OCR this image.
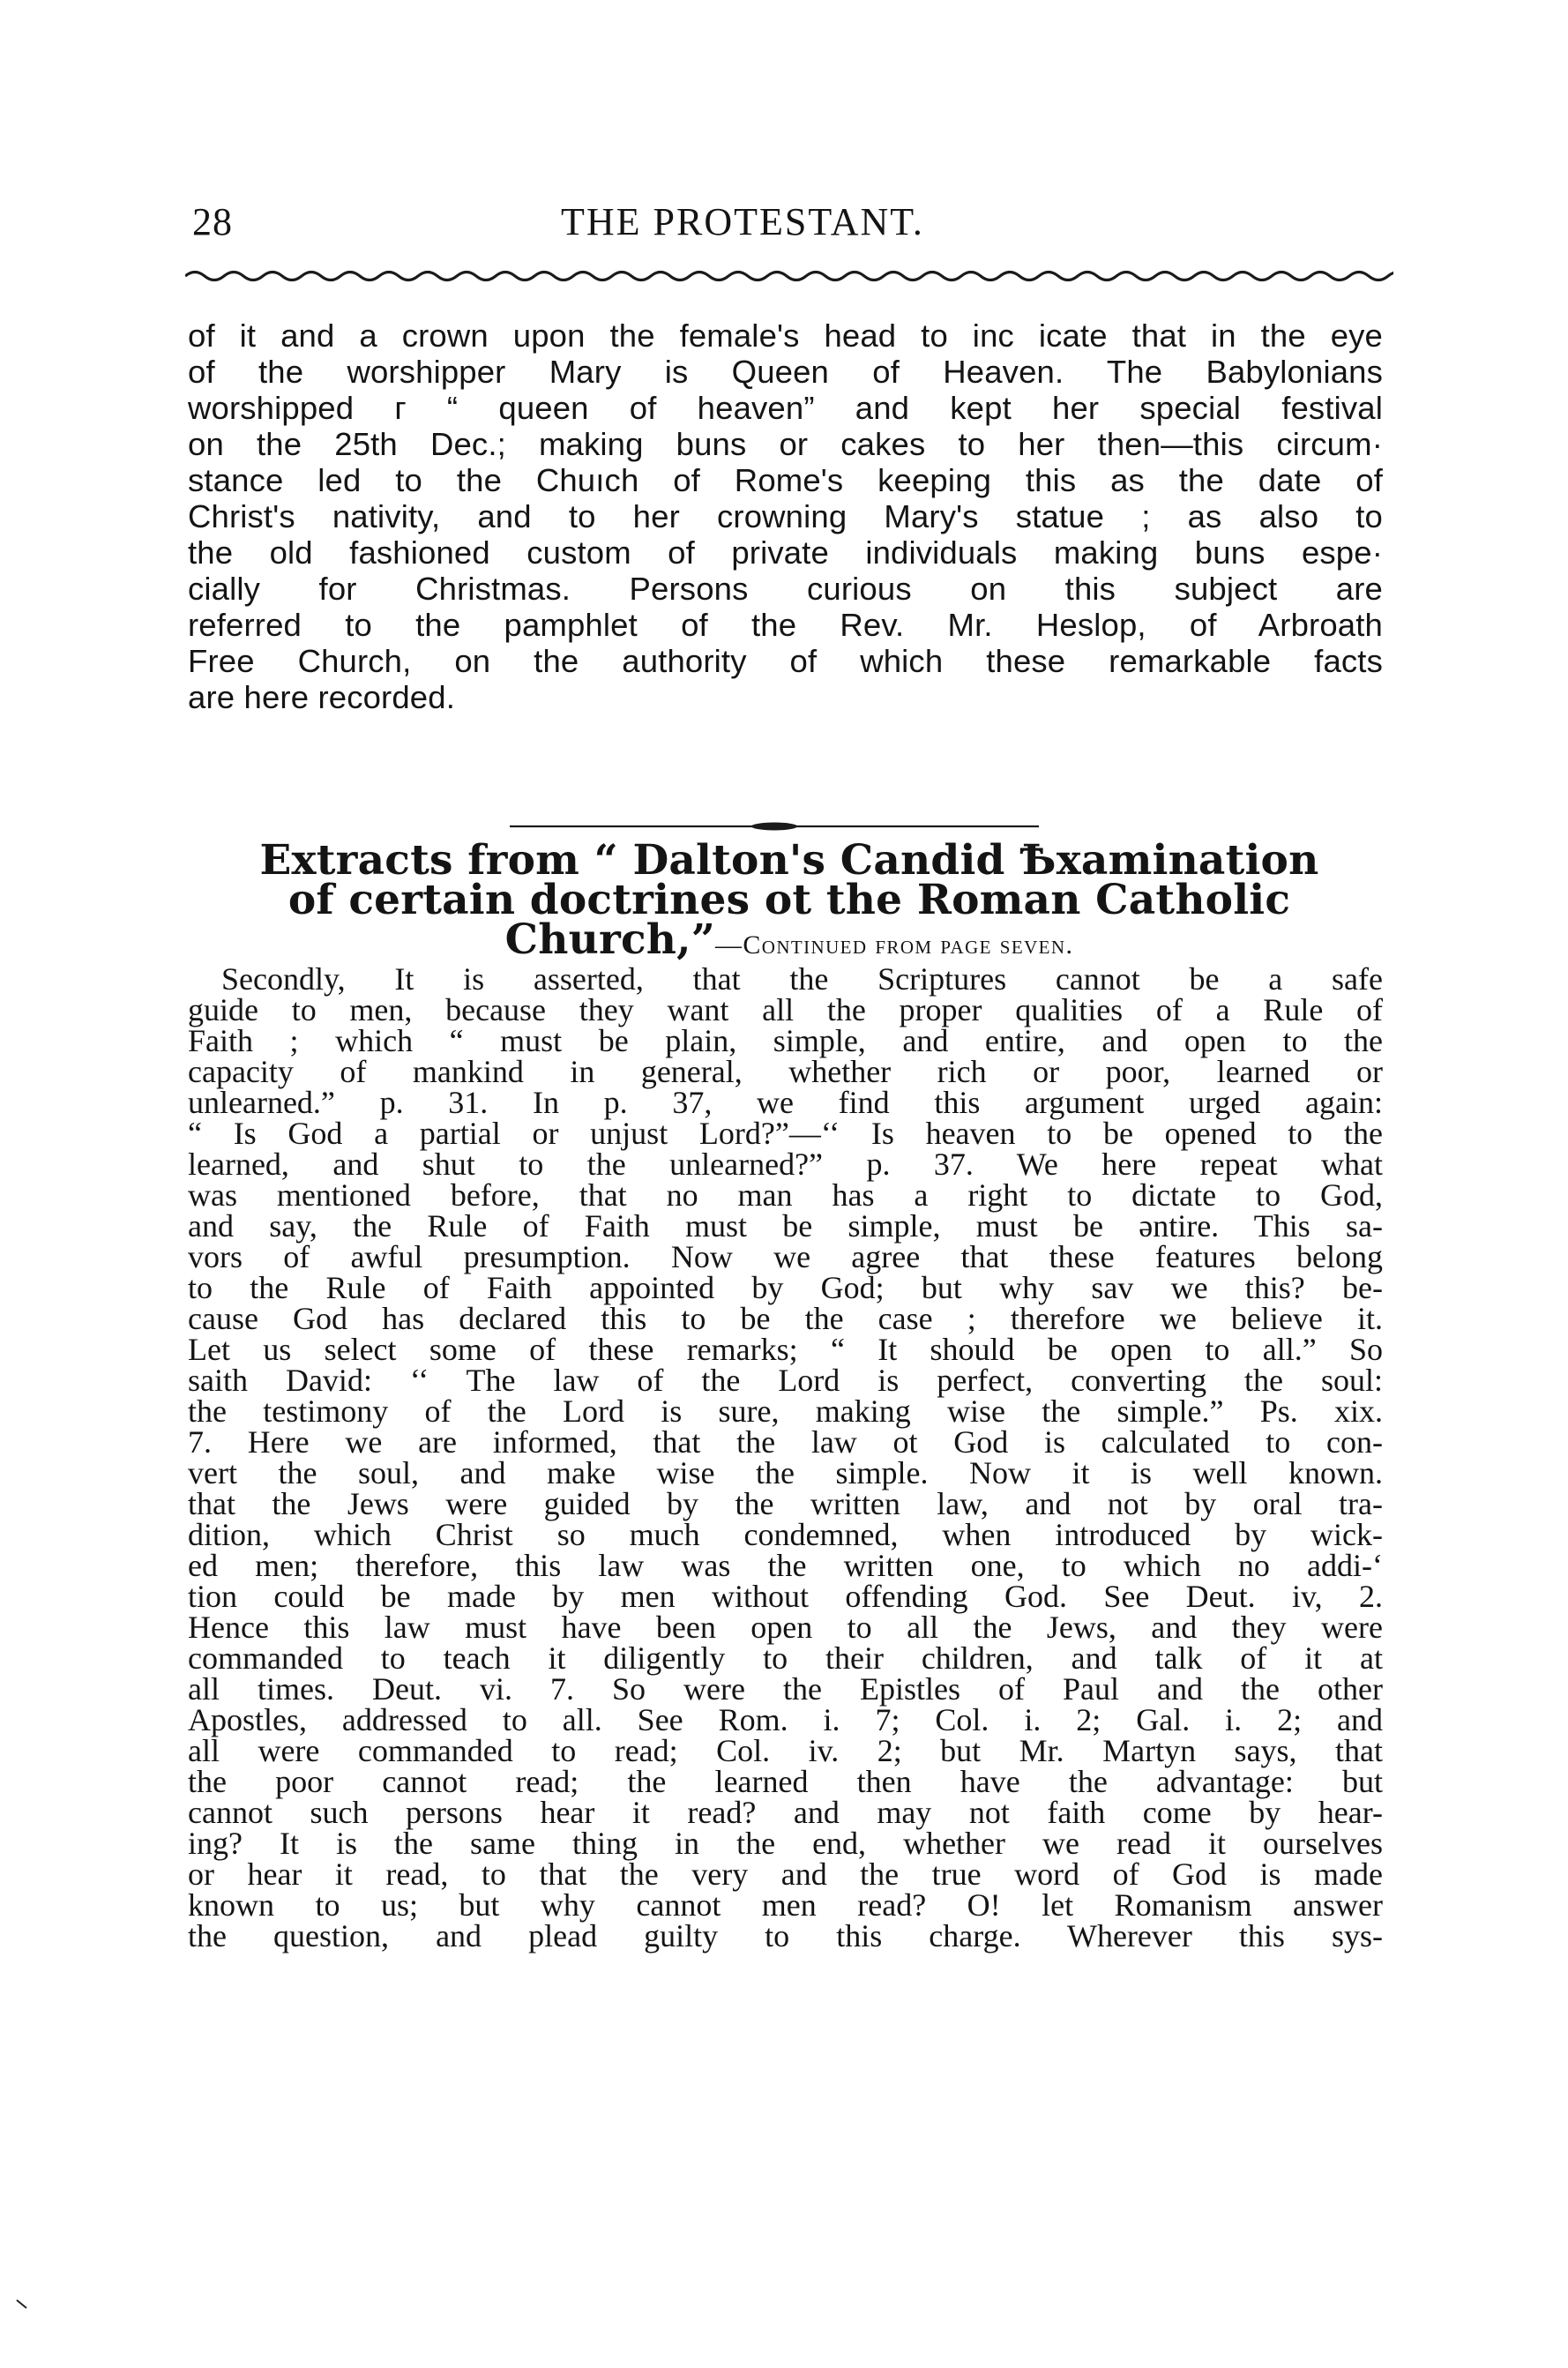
28	THE PROTESTANT.
of it and a crown upon the female's head to inc icate that in the eye
of the worshipper Mary is Queen of Heaven. The Babylonians
worshipped г “ queen of heaven” and kept her special festival
on the 25th Dec.; making buns or cakes to her then—this circum·
stance led to the Chuıch of Rome's keeping this as the date of
Christ's nativity, and to her crowning Mary's statue ; as also to
the old fashioned custom of private individuals making buns espe·
cially for Christmas. Persons curious on this subject are
referred to the pamphlet of the Rev. Mr. Heslop, of Arbroath
Free Church, on the authority of which these remarkable facts
are here recorded.
Extracts from “ Dalton's Candid Ѣxamination
of certain doctrines ot the Roman Catholic
Church,”—Continued from page seven.
Secondly, It is asserted, that the Scriptures cannot be a safe
guide to men, because they want all the proper qualities of a Rule of
Faith ; which “ must be plain, simple, and entire, and open to the
capacity of mankind in general, whether rich or poor, learned or
unlearned.” p. 31. In p. 37, we find this argument urged again:
“ Is God a partial or unjust Lord?”—‘‘ Is heaven to be opened to the
learned, and shut to the unlearned?” p. 37. We here repeat what
was mentioned before, that no man has a right to dictate to God,
and say, the Rule of Faith must be simple, must be əntire. This sa-
vors of awful presumption. Now we agree that these features belong
to the Rule of Faith appointed by God; but why sav we this? be-
cause God has declared this to be the case ; therefore we believe it.
Let us select some of these remarks; “ It should be open to all.” So
saith David: ‘‘ The law of the Lord is perfect, converting the soul:
the testimony of the Lord is sure, making wise the simple.” Ps. xix.
7. Here we are informed, that the law ot God is calculated to con-
vert the soul, and make wise the simple. Now it is well known.
that the Jews were guided by the written law, and not by oral tra-
dition, which Christ so much condemned, when introduced by wick-
ed men; therefore, this law was the written one, to which no addi-‘
tion could be made by men without offending God. See Deut. iv, 2.
Hence this law must have been open to all the Jews, and they were
commanded to teach it diligently to their children, and talk of it at
all times. Deut. vi. 7. So were the Epistles of Paul and the other
Apostles, addressed to all. See Rom. i. 7; Col. i. 2; Gal. i. 2; and
all were commanded to read; Col. iv. 2; but Mr. Martyn says, that
the poor cannot read; the learned then have the advantage: but
cannot such persons hear it read? and may not faith come by hear-
ing? It is the same thing in the end, whether we read it ourselves
or hear it read, to that the very and the true word of God is made
known to us; but why cannot men read? O! let Romanism answer
the question, and plead guilty to this charge. Wherever this sys-
